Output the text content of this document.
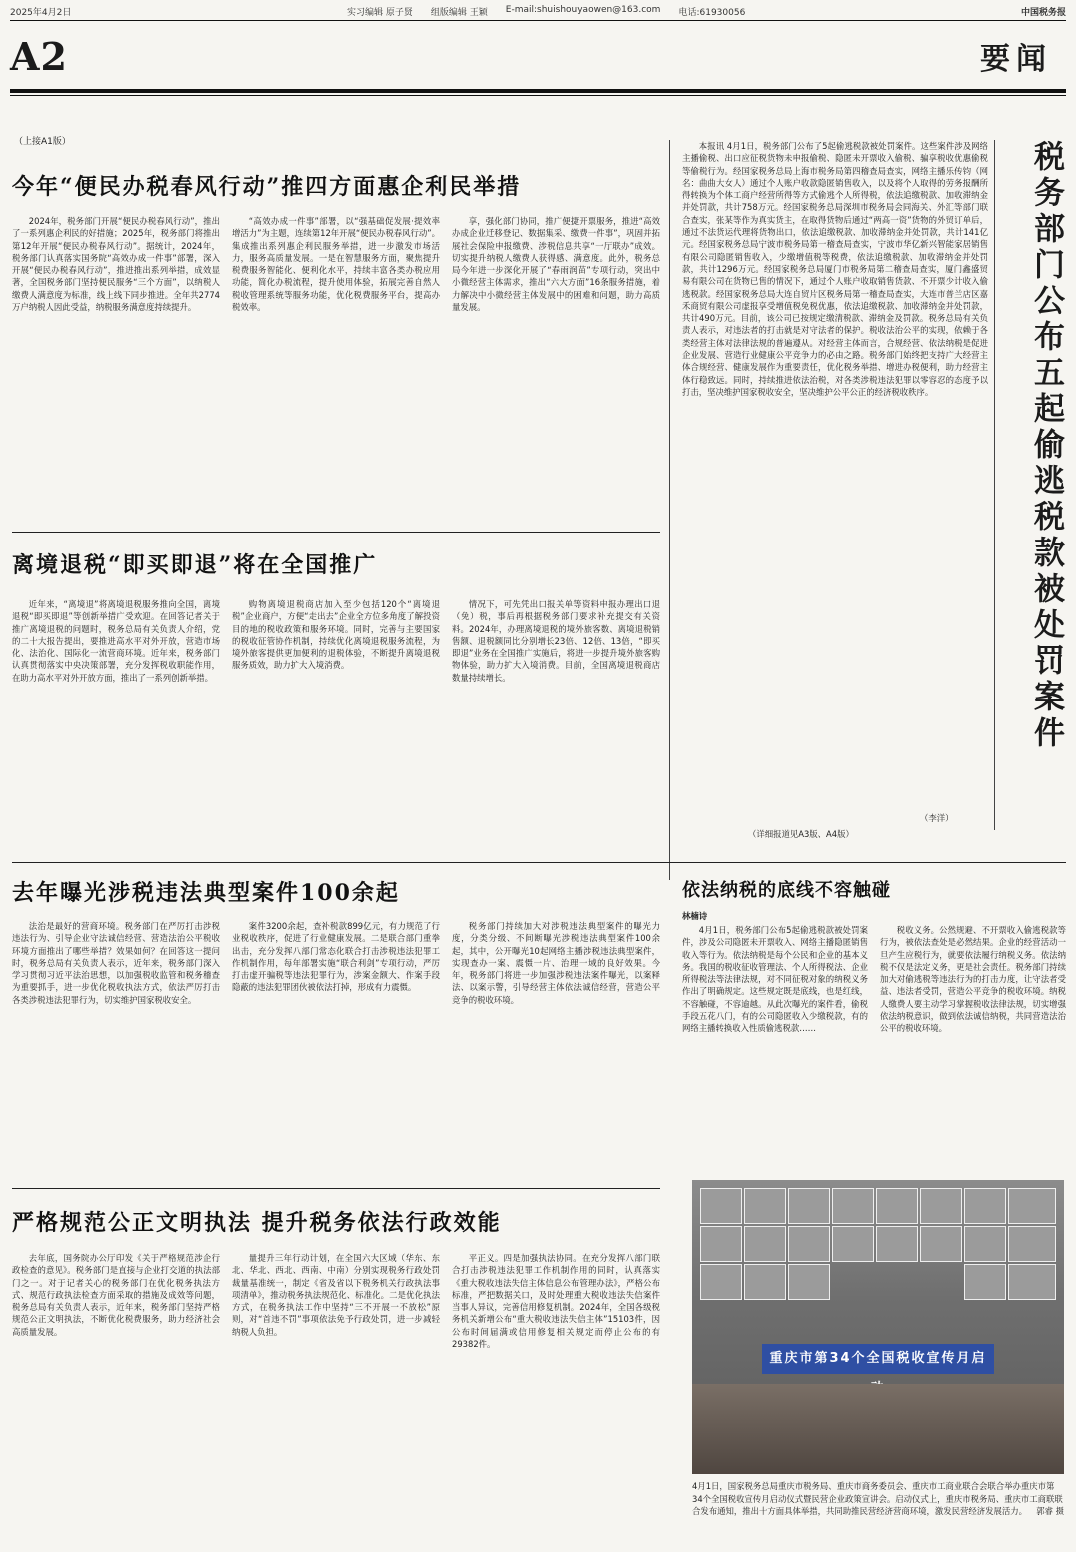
2025年4月2日	实习编辑 原子贤 组版编辑 王颖 E-mail:shuishouyaowen@163.com 电话:61930056	中国税务报
A2	要闻
（上接A1版）
今年“便民办税春风行动”推四方面惠企利民举措

2024年，税务部门开展“便民办税春风行动”，推出了一系列惠企利民的好措施；2025年，税务部门将推出第12年开展“便民办税春风行动”。据统计，2024年，税务部门认真落实国务院“高效办成一件事”部署，深入开展“便民办税春风行动”，推进推出系列举措，成效显著，全国税务部门坚持便民服务“三个方面”，以纳税人缴费人满意度为标准，线上线下同步推进。全年共2774万户纳税人因此受益，纳税服务满意度持续提升。

“高效办成一件事”部署，以“强基础促发展·提效率增活力”为主题，连续第12年开展“便民办税春风行动”。集成推出系列惠企利民服务举措，进一步激发市场活力，服务高质量发展。一是在智慧服务方面，聚焦提升税费服务智能化、便利化水平，持续丰富各类办税应用功能，简化办税流程，提升使用体验，拓展完善自然人税收管理系统等服务功能，优化税费服务平台，提高办税效率。

享，强化部门协同，推广便捷开票服务，推进“高效办成企业迁移登记、数据集采、缴费一件事”，巩固并拓展社会保险申报缴费、涉税信息共享“一厅联办”成效。切实提升纳税人缴费人获得感、满意度。此外，税务总局今年进一步深化开展了“春雨润苗”专项行动，突出中小微经营主体需求，推出“六大方面”16条服务措施，着力解决中小微经营主体发展中的困难和问题，助力高质量发展。

离境退税“即买即退”将在全国推广

近年来，“离境退”将离境退税服务推向全国，离境退税“即买即退”等创新举措广受欢迎。在回答记者关于推广离境退税的问题时，税务总局有关负责人介绍，党的二十大报告提出，要推进高水平对外开放，营造市场化、法治化、国际化一流营商环境。近年来，税务部门认真贯彻落实中央决策部署，充分发挥税收职能作用，在助力高水平对外开放方面，推出了一系列创新举措。

购物离境退税商店加入至少包括120个“离境退税”企业商户，方便“走出去”企业全方位多角度了解投资目的地的税收政策和服务环境。同时，完善与主要国家的税收征管协作机制，持续优化离境退税服务流程，为境外旅客提供更加便利的退税体验，不断提升离境退税服务质效，助力扩大入境消费。

情况下，可先凭出口报关单等资料申报办理出口退（免）税，事后再根据税务部门要求补充提交有关资料。2024年，办理离境退税的境外旅客数、离境退税销售额、退税额同比分别增长23倍、12倍、13倍，“即买即退”业务在全国推广实施后，将进一步提升境外旅客购物体验，助力扩大入境消费。目前，全国离境退税商店数量持续增长。

去年曝光涉税违法典型案件100余起

法治是最好的营商环境。税务部门在严厉打击涉税违法行为、引导企业守法诚信经营、营造法治公平税收环境方面推出了哪些举措？效果如何？在回答这一提问时，税务总局有关负责人表示，近年来，税务部门深入学习贯彻习近平法治思想，以加强税收监管和税务稽查为重要抓手，进一步优化税收执法方式，依法严厉打击各类涉税违法犯罪行为，切实维护国家税收安全。

案件3200余起，查补税款899亿元，有力规范了行业税收秩序，促进了行业健康发展。二是联合部门重拳出击，充分发挥八部门常态化联合打击涉税违法犯罪工作机制作用，每年部署实施“联合利剑”专项行动，严厉打击虚开骗税等违法犯罪行为，涉案金额大、作案手段隐蔽的违法犯罪团伙被依法打掉，形成有力震慑。

税务部门持续加大对涉税违法典型案件的曝光力度，分类分级、不间断曝光涉税违法典型案件100余起，其中，公开曝光10起网络主播涉税违法典型案件，实现查办一案、震慑一片、治理一域的良好效果。今年，税务部门将进一步加强涉税违法案件曝光，以案释法、以案示警，引导经营主体依法诚信经营，营造公平竞争的税收环境。

严格规范公正文明执法 提升税务依法行政效能

去年底，国务院办公厅印发《关于严格规范涉企行政检查的意见》。税务部门是直接与企业打交道的执法部门之一。对于记者关心的税务部门在优化税务执法方式、规范行政执法检查方面采取的措施及成效等问题，税务总局有关负责人表示，近年来，税务部门坚持严格规范公正文明执法，不断优化税费服务，助力经济社会高质量发展。

量提升三年行动计划，在全国六大区域（华东、东北、华北、西北、西南、中南）分别实现税务行政处罚裁量基准统一，制定《省及省以下税务机关行政执法事项清单》，推动税务执法规范化、标准化。二是优化执法方式，在税务执法工作中坚持“三不开展一不放松”原则，对“首违不罚”事项依法免予行政处罚，进一步减轻纳税人负担。

平正义。四是加强执法协同。在充分发挥八部门联合打击涉税违法犯罪工作机制作用的同时，认真落实《重大税收违法失信主体信息公布管理办法》，严格公布标准，严把数据关口，及时处理重大税收违法失信案件当事人异议，完善信用修复机制。2024年，全国各级税务机关新增公布“重大税收违法失信主体”15103件，因公布时间届满或信用修复相关规定而停止公布的有29382件。

本报讯 4月1日，税务部门公布了5起偷逃税款被处罚案件。这些案件涉及网络主播偷税、出口应征税货物未申报偷税、隐匿未开票收入偷税、骗享税收优惠偷税等偷税行为。经国家税务总局上海市税务局第四稽查局查实，网络主播乐传钧（网名：曲曲大女人）通过个人账户收款隐匿销售收入，以及将个人取得的劳务报酬所得转换为个体工商户经营所得等方式偷逃个人所得税，依法追缴税款、加收滞纳金并处罚款，共计758万元。经国家税务总局深圳市税务局会同海关、外汇等部门联合查实，张某等作为真实货主，在取得货物后通过“两高一资”货物的外贸订单后，通过不法货运代理将货物出口，依法追缴税款、加收滞纳金并处罚款，共计141亿元。经国家税务总局宁波市税务局第一稽查局查实，宁波市华亿新兴智能家居销售有限公司隐匿销售收入，少缴增值税等税费，依法追缴税款、加收滞纳金并处罚款，共计1296万元。经国家税务总局厦门市税务局第二稽查局查实，厦门鑫盛贸易有限公司在货物已售的情况下，通过个人账户收取销售货款、不开票少计收入偷逃税款。经国家税务总局大连自贸片区税务局第一稽查局查实，大连市普兰店区嘉禾商贸有限公司虚报享受增值税免税优惠，依法追缴税款、加收滞纳金并处罚款，共计490万元。目前，该公司已按规定缴清税款、滞纳金及罚款。税务总局有关负责人表示，对违法者的打击就是对守法者的保护。税收法治公平的实现，依赖于各类经营主体对法律法规的普遍遵从。对经营主体而言，合规经营、依法纳税是促进企业发展、营造行业健康公平竞争力的必由之路。税务部门始终把支持广大经营主体合规经营、健康发展作为重要责任，优化税务举措、增进办税便利，助力经营主体行稳致远。同时，持续推进依法治税，对各类涉税违法犯罪以零容忍的态度予以打击，坚决维护国家税收安全，坚决维护公平公正的经济税收秩序。	税务部门公布五起偷逃税款被处罚案件
（李洋）
（详细报道见A3版、A4版）
依法纳税的底线不容触碰
林楠诗

4月1日，税务部门公布5起偷逃税款被处罚案件，涉及公司隐匿未开票收入、网络主播隐匿销售收入等行为。依法纳税是每个公民和企业的基本义务。我国的税收征收管理法、个人所得税法、企业所得税法等法律法规，对不同征税对象的纳税义务作出了明确规定。这些规定既是底线，也是红线，不容触碰，不容逾越。从此次曝光的案件看，偷税手段五花八门，有的公司隐匿收入少缴税款，有的网络主播转换收入性质偷逃税款……

税收义务。公然规避、不开票收入偷逃税款等行为，被依法查处是必然结果。企业的经营活动一旦产生应税行为，就要依法履行纳税义务。依法纳税不仅是法定义务，更是社会责任。税务部门持续加大对偷逃税等违法行为的打击力度，让守法者受益、违法者受罚，营造公平竞争的税收环境。纳税人缴费人要主动学习掌握税收法律法规，切实增强依法纳税意识，做到依法诚信纳税，共同营造法治公平的税收环境。

重庆市第34个全国税收宣传月启
4月1日，国家税务总局重庆市税务局、重庆市商务委员会、重庆市工商业联合会联合举办重庆市第34个全国税收宣传月启动仪式暨民营企业政策宣讲会。启动仪式上，重庆市税务局、重庆市工商联联合发布通知，推出十方面具体举措，共同助推民营经济营商环境，激发民营经济发展活力。 郭睿 摄
